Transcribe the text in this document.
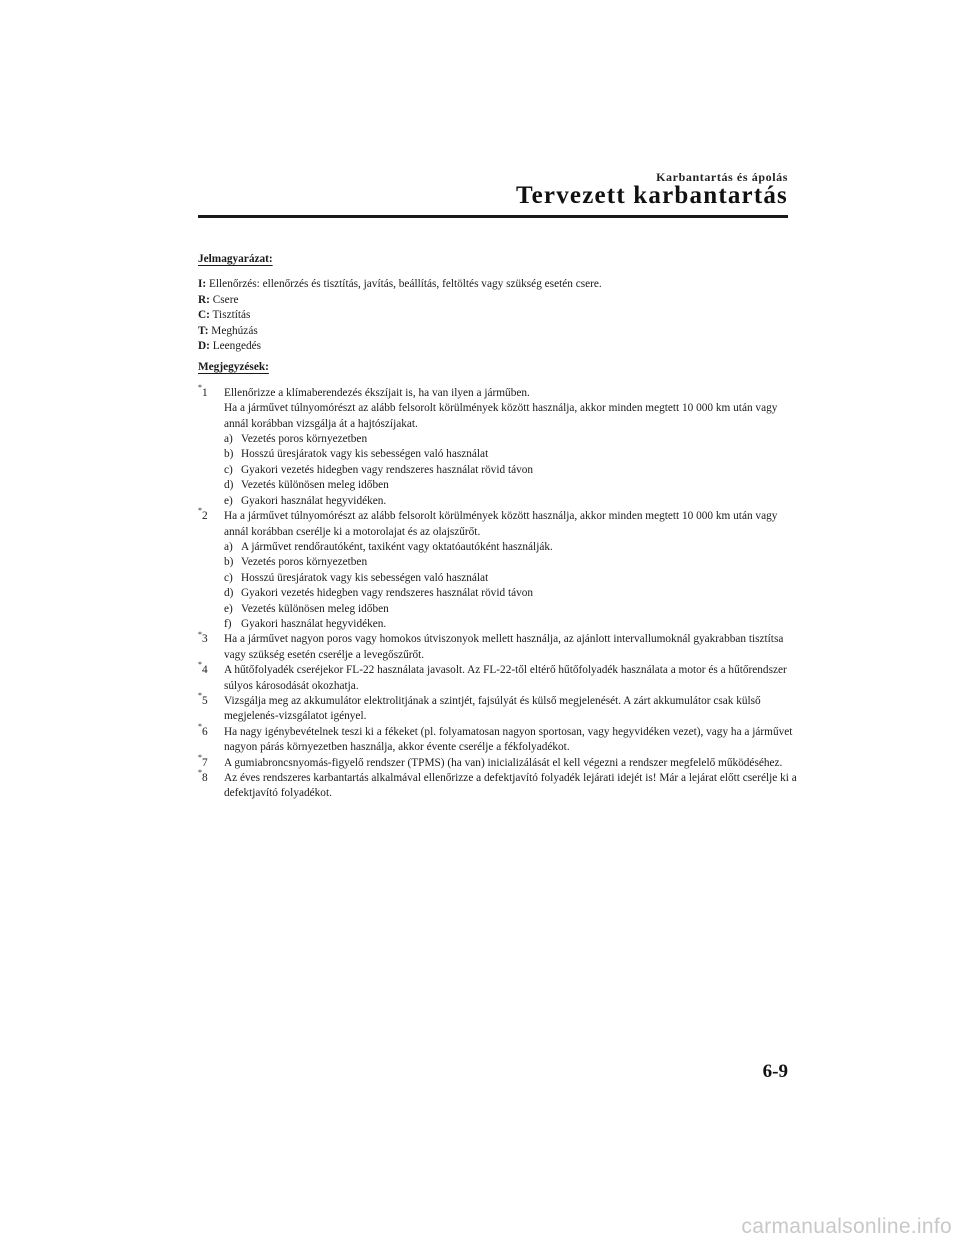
Karbantartás és ápolás
Tervezett karbantartás
Jelmagyarázat:
I: Ellenőrzés: ellenőrzés és tisztítás, javítás, beállítás, feltöltés vagy szükség esetén csere.
R: Csere
C: Tisztítás
T: Meghúzás
D: Leengedés
Megjegyzések:
*1 Ellenőrizze a klímaberendezés ékszíjait is, ha van ilyen a járműben.
Ha a járművet túlnyomórészt az alább felsorolt körülmények között használja, akkor minden megtett 10 000 km után vagy annál korábban vizsgálja át a hajtószíjakat.
a) Vezetés poros környezetben
b) Hosszú üresjáratok vagy kis sebességen való használat
c) Gyakori vezetés hidegben vagy rendszeres használat rövid távon
d) Vezetés különösen meleg időben
e) Gyakori használat hegyvidéken.
*2 Ha a járművet túlnyomórészt az alább felsorolt körülmények között használja, akkor minden megtett 10 000 km után vagy annál korábban cserélje ki a motorolajat és az olajszűrőt.
a) A járművet rendőrautóként, taxiként vagy oktatóautóként használják.
b) Vezetés poros környezetben
c) Hosszú üresjáratok vagy kis sebességen való használat
d) Gyakori vezetés hidegben vagy rendszeres használat rövid távon
e) Vezetés különösen meleg időben
f) Gyakori használat hegyvidéken.
*3 Ha a járművet nagyon poros vagy homokos útviszonyok mellett használja, az ajánlott intervallumoknál gyakrabban tisztítsa vagy szükség esetén cserélje a levegőszűrőt.
*4 A hűtőfolyadék cseréjekor FL-22 használata javasolt. Az FL-22-től eltérő hűtőfolyadék használata a motor és a hűtőrendszer súlyos károsodását okozhatja.
*5 Vizsgálja meg az akkumulátor elektrolitjának a szintjét, fajsúlyát és külső megjelenését. A zárt akkumulátor csak külső megjelenés-vizsgálatot igényel.
*6 Ha nagy igénybevételnek teszi ki a fékeket (pl. folyamatosan nagyon sportosan, vagy hegyvidéken vezet), vagy ha a járművet nagyon párás környezetben használja, akkor évente cserélje a fékfolyadékot.
*7 A gumiabroncsnyomás-figyelő rendszer (TPMS) (ha van) inicializálását el kell végezni a rendszer megfelelő működéséhez.
*8 Az éves rendszeres karbantartás alkalmával ellenőrizze a defektjavító folyadék lejárati idejét is! Már a lejárat előtt cserélje ki a defektjavító folyadékot.
6-9
carmanualsonline.info
